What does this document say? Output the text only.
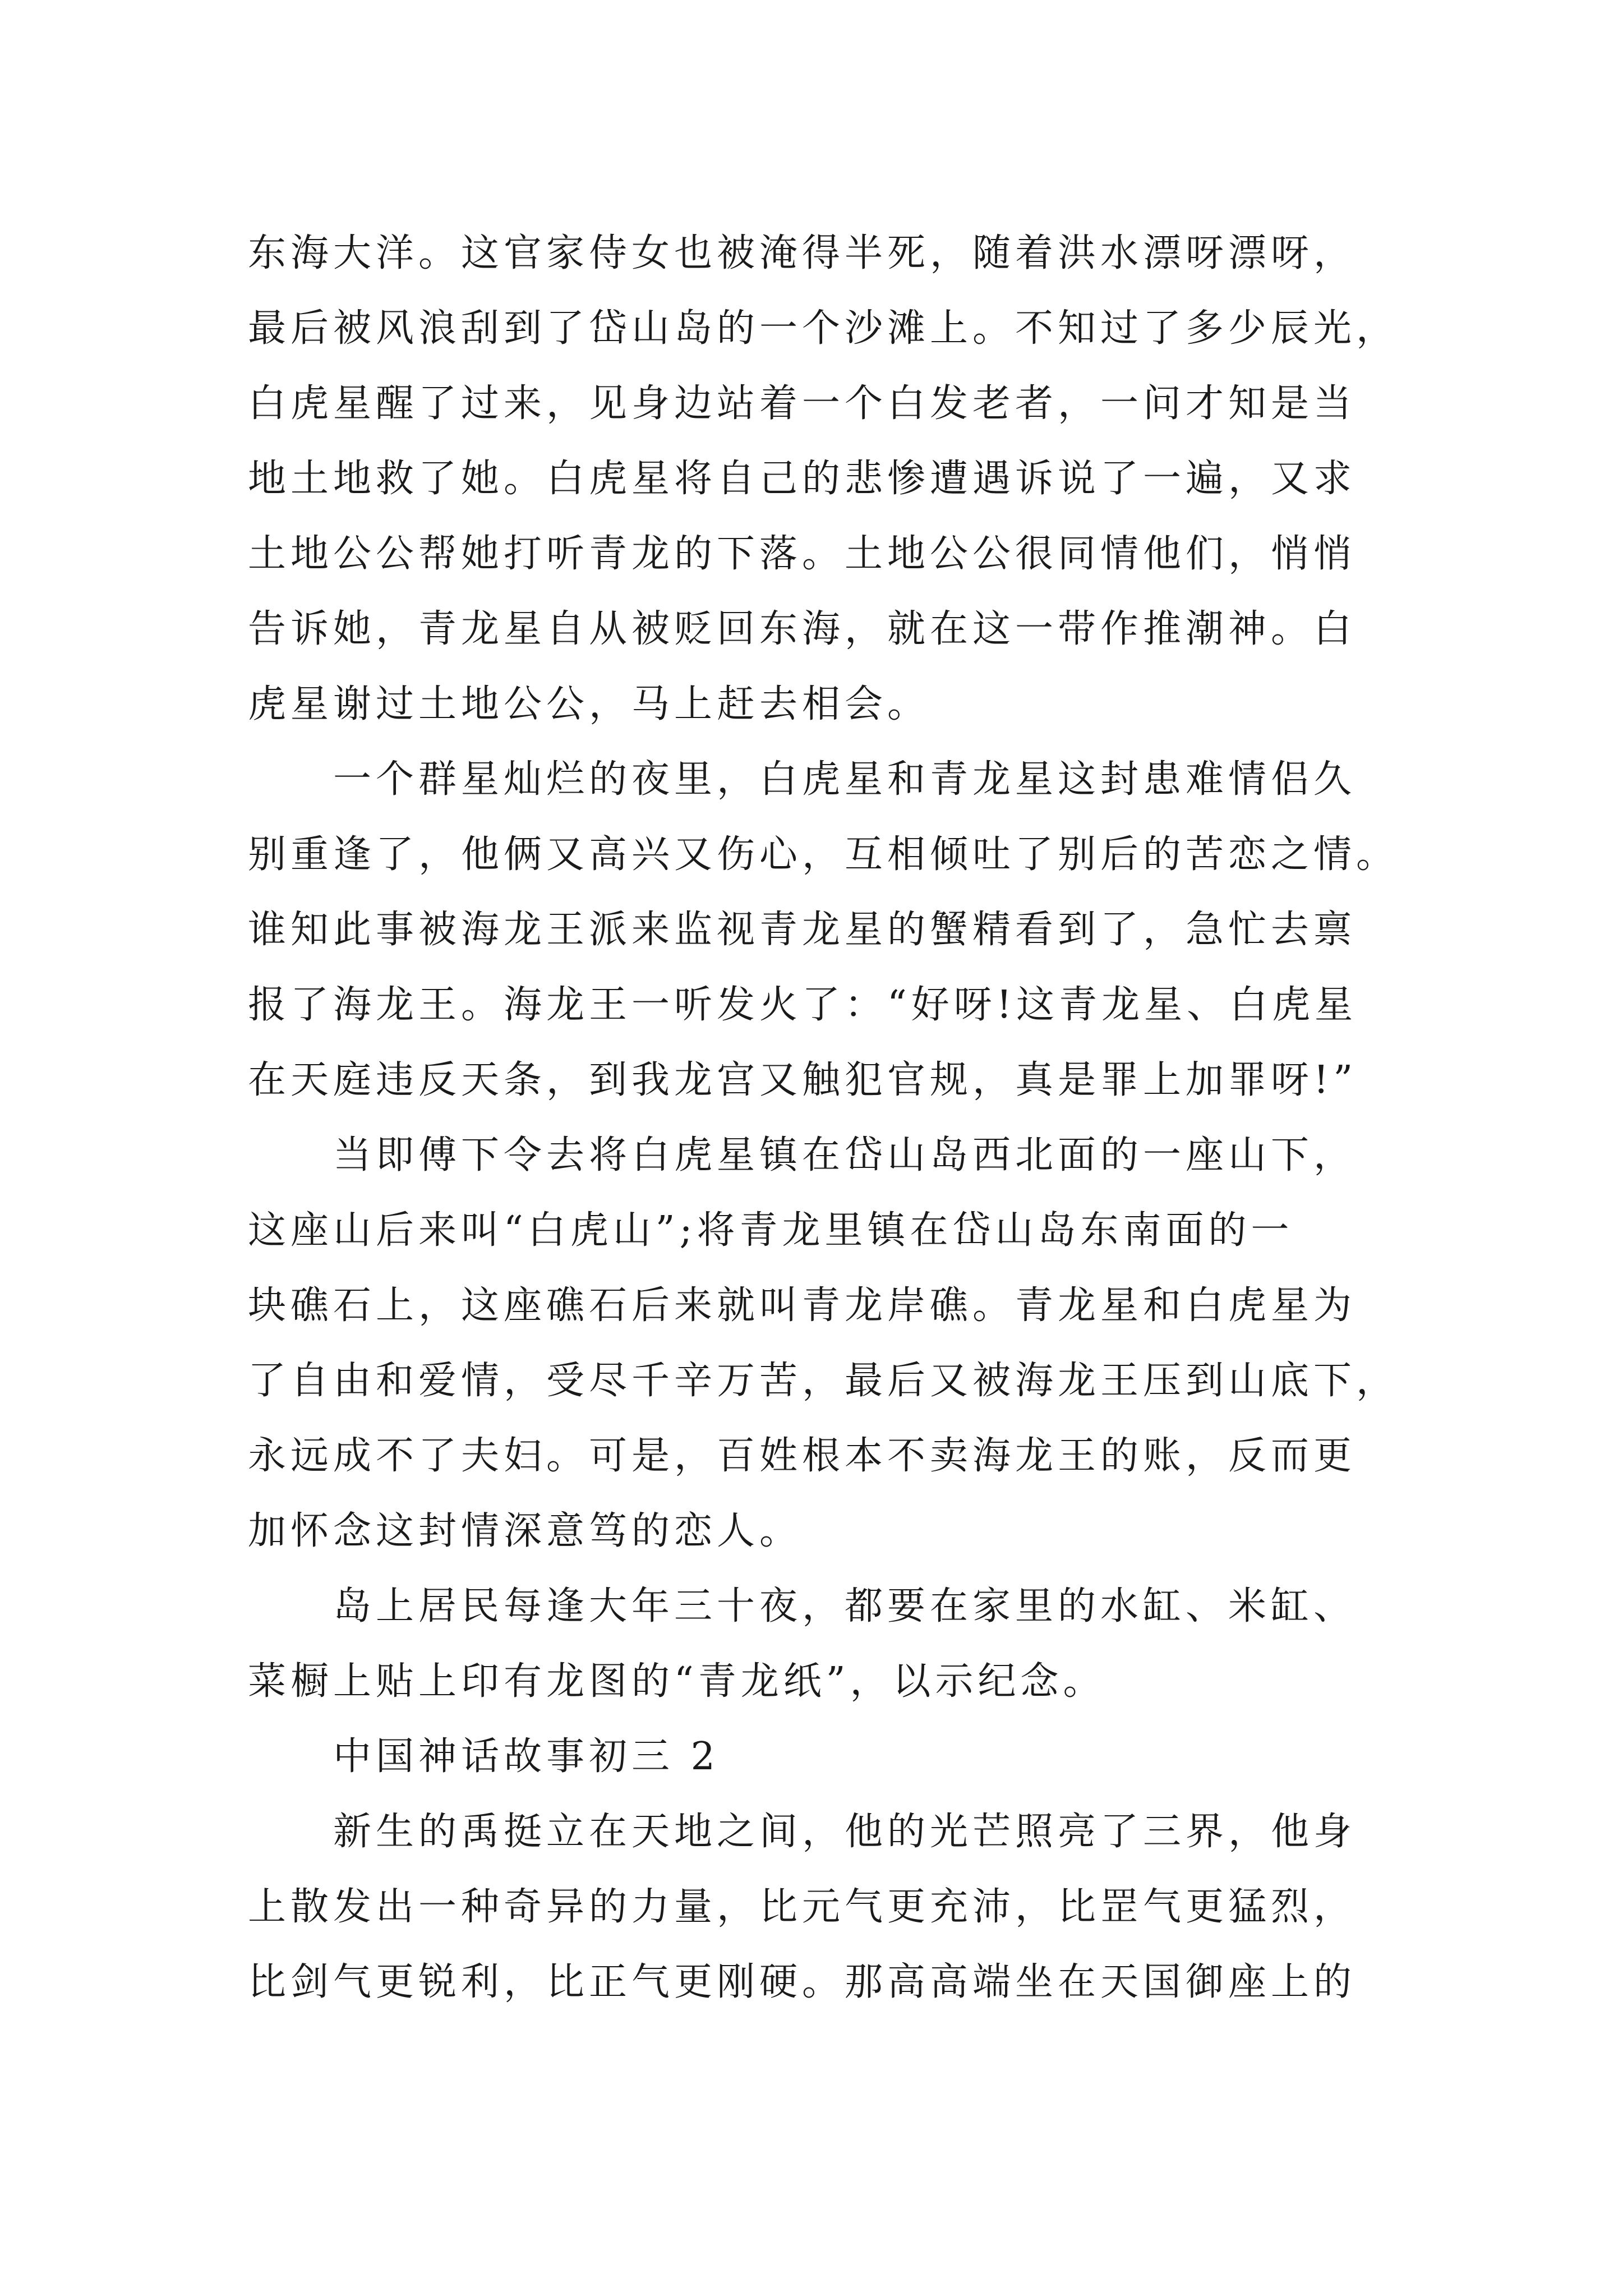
东海大洋。这官家侍女也被淹得半死，随着洪水漂呀漂呀，
最后被风浪刮到了岱山岛的一个沙滩上。不知过了多少辰光，
白虎星醒了过来，见身边站着一个白发老者，一问才知是当
地土地救了她。白虎星将自己的悲惨遭遇诉说了一遍，又求
土地公公帮她打听青龙的下落。土地公公很同情他们，悄悄
告诉她，青龙星自从被贬回东海，就在这一带作推潮神。白
虎星谢过土地公公，马上赶去相会。

一个群星灿烂的夜里，白虎星和青龙星这封患难情侣久
别重逢了，他俩又高兴又伤心，互相倾吐了别后的苦恋之情。
谁知此事被海龙王派来监视青龙星的蟹精看到了，急忙去禀
报了海龙王。海龙王一听发火了：“好呀!这青龙星、白虎星
在天庭违反天条，到我龙宫又触犯官规，真是罪上加罪呀!”

当即傅下令去将白虎星镇在岱山岛西北面的一座山下，
这座山后来叫“白虎山”;将青龙里镇在岱山岛东南面的一
块礁石上，这座礁石后来就叫青龙岸礁。青龙星和白虎星为
了自由和爱情，受尽千辛万苦，最后又被海龙王压到山底下，
永远成不了夫妇。可是，百姓根本不卖海龙王的账，反而更
加怀念这封情深意笃的恋人。

岛上居民每逢大年三十夜，都要在家里的水缸、米缸、
菜橱上贴上印有龙图的“青龙纸”，以示纪念。

中国神话故事初三 2

新生的禹挺立在天地之间，他的光芒照亮了三界，他身
上散发出一种奇异的力量，比元气更充沛，比罡气更猛烈，
比剑气更锐利，比正气更刚硬。那高高端坐在天国御座上的
